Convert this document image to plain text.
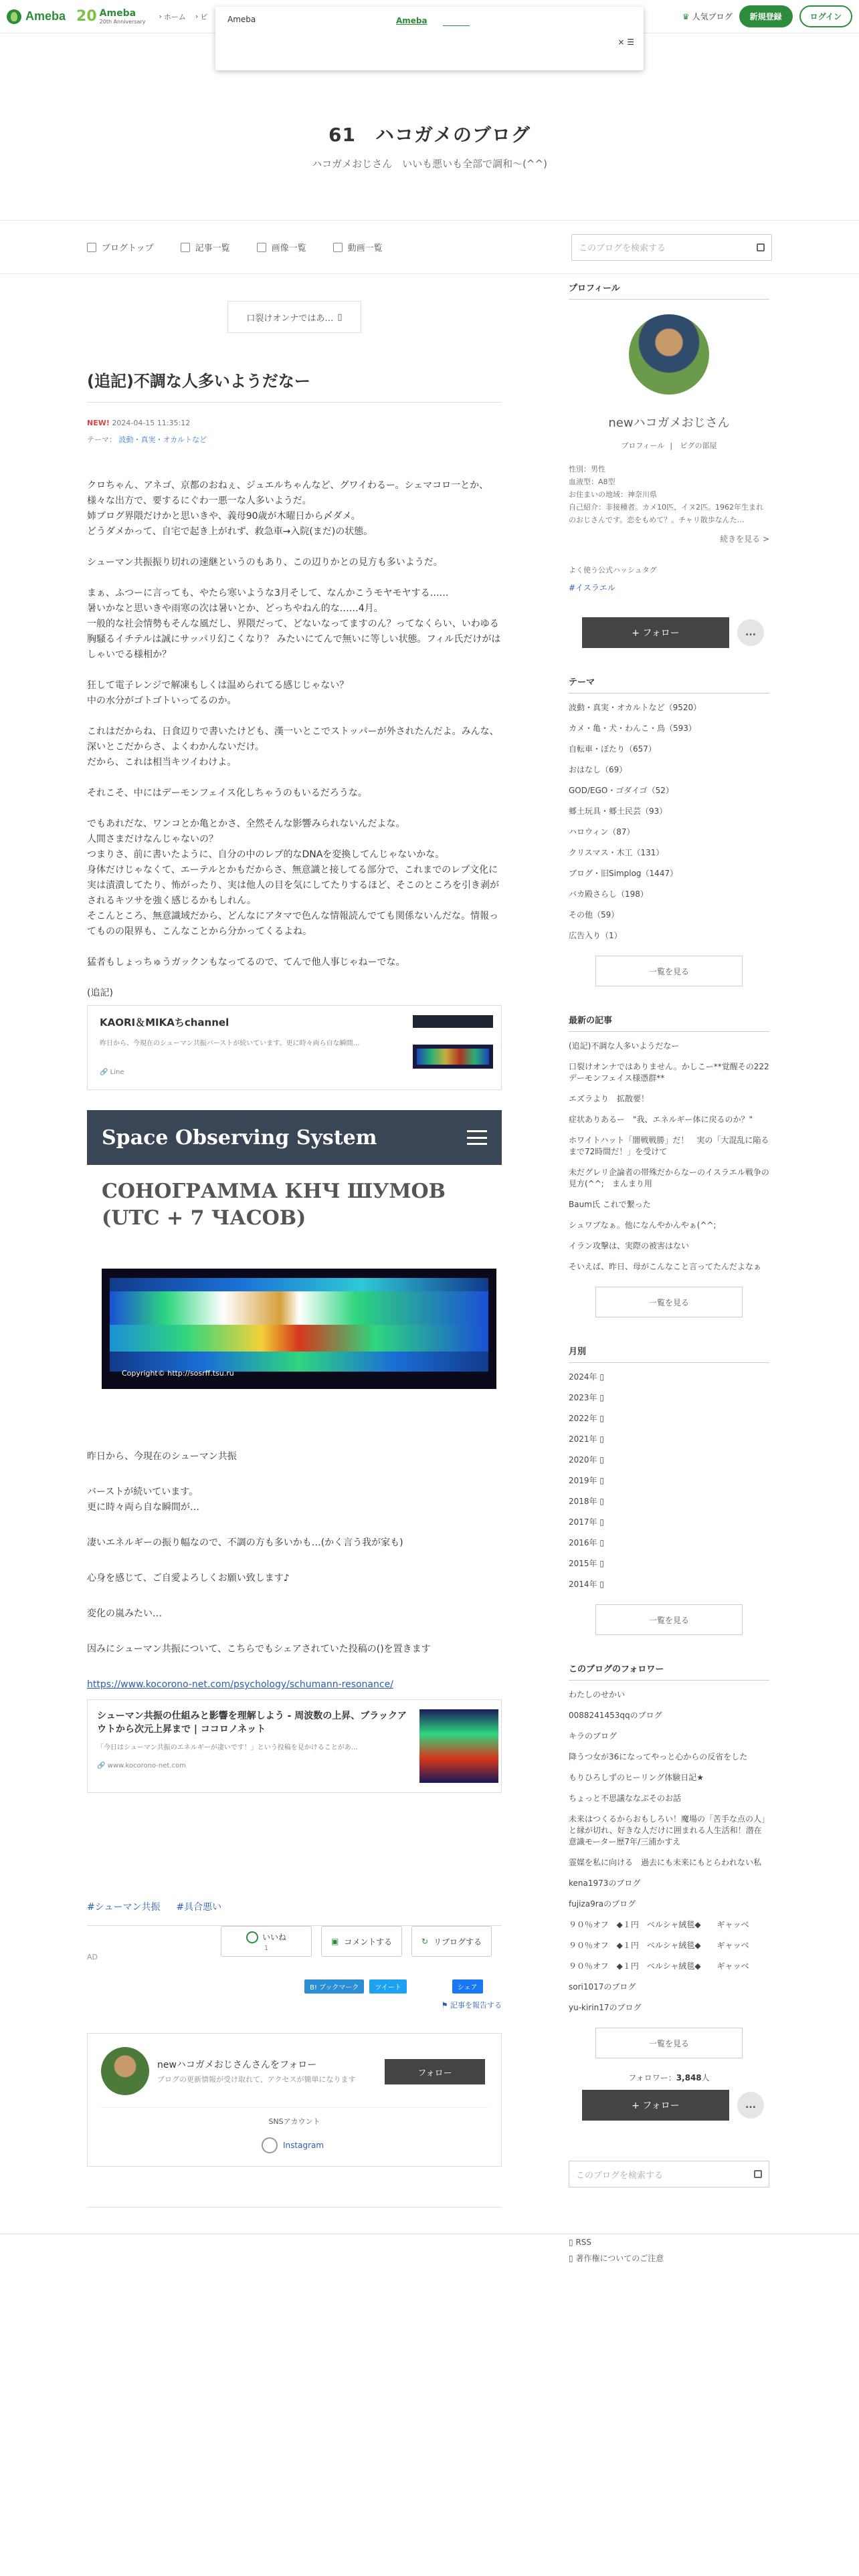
Ameba 20 Ameba
20th Anniversary
› ホーム › ピ	♛ 人気ブログ	新規登録	ログイン
Ameba	Ameba
× ☰
61　ハコガメのブログ
ハコガメおじさん　いいも悪いも全部で調和〜(^^)
ブログトップ	記事一覧	画像一覧	動画一覧	このブログを検索する
口裂けオンナではあ… ▯
(追記)不調な人多いようだなー
NEW! 2024-04-15 11:35:12
テーマ： 波動・真実・オカルトなど

クロちゃん、アネゴ、京都のおねぇ、ジュエルちゃんなど、グワイわるー。シェマコロ一とか、様々な出方で、要するにぐわ一悪一な人多いようだ。
姉ブログ界隈だけかと思いきや、義母90歳が木曜日から〆ダメ。
どうダメかって、自宅で起き上がれず、救急車→入院(まだ)の状態。

シューマン共振振り切れの速継というのもあり、この辺りかとの見方も多いようだ。

まぁ、ふつーに言っても、やたら寒いような3月そして、なんかこうモヤモヤする……
暑いかなと思いきや雨寒の次は暑いとか、どっちやねん的な……4月。
一般的な社会情勢もそんな風だし、界隈だって、どないなってますのん？ってなくらい、いわゆる胸騒るイチテルは誠にサッパリ幻こくなり？ みたいにてんで無いに等しい状態。フィル氏だけがはしゃいでる様相か？

狂して電子レンジで解凍もしくは温められてる感じじゃない？
中の水分がゴトゴトいってるのか。

これはだからね、日食辺りで書いたけども、漢一いとこでストッパーが外されたんだよ。みんな、深いとこだからさ、よくわかんないだけ。
だから、これは相当キツイわけよ。

それこそ、中にはデーモンフェイス化しちゃうのもいるだろうな。

でもあれだな、ワンコとか亀とかさ、全然そんな影響みられないんだよな。
人間さまだけなんじゃないの？
つまりさ、前に書いたように、自分の中のレプ的なDNAを変換してんじゃないかな。
身体だけじゃなくて、エーテルとかもだからさ、無意識と接してる部分で、これまでのレプ文化に実は漬潰してたり、怖がったり、実は他人の目を気にしてたりするほど、そこのところを引き剥がされるキツサを強く感じるかもしれん。
そこんところ、無意識域だから、どんなにアタマで色んな情報読んでても関係ないんだな。情報ってものの限界も、こんなことから分かってくるよね。

猛者もしょっちゅうガックンもなってるので、てんで他人事じゃねーでな。

(追記)

KAORI＆MIKAちchannel
昨日から、今現在のシューマン共振バーストが続いています。更に時々両ら自な瞬間…
🔗 Line
Space Observing System
СОНОГРАММА КНЧ ШУМОВ (UTC + 7 ЧАСОВ)
Copyright© http://sosrff.tsu.ru

昨日から、今現在のシューマン共振

バーストが続いています。
更に時々両ら自な瞬間が…

凄いエネルギーの振り幅なので、不調の方も多いかも…(かく言う我が家も)

心身を感じて、ご自愛よろしくお願い致します♪

変化の嵐みたい…

因みにシューマン共振について、こちらでもシェアされていた投稿の()を置きます

https://www.kocorono-net.com/psychology/schumann-resonance/
シューマン共振の仕組みと影響を理解しよう - 周波数の上昇、ブラックアウトから次元上昇まで | ココロノネット
「今日はシューマン共振のエネルギーが凄いです！」という投稿を見かけることがあ…
🔗 www.kocorono-net.com
#シューマン共振 #具合悪い
AD
いいね
1
▣ コメントする	↻ リブログする
B! ブックマーク	ツイート	シェア
⚑ 記事を報告する
newハコガメおじさんさんをフォロー
ブログの更新情報が受け取れて、アクセスが簡単になります
フォロー
SNSアカウント
Instagram
プロフィール
newハコガメおじさん
プロフィール | ピグの部屋
性別：男性
血液型：A8型
お住まいの地域：神奈川県
自己紹介：非接種者。カメ10匹、イヌ2匹。1962年生まれのおじさんです。恋をもめて？。チャリ散歩なんた…
続きを見る >
よく使う公式ハッシュタグ
#イスラエル
+ フォロー	...
テーマ
波動・真実・オカルトなど（9520）
カメ・亀・犬・わんこ・鳥（593）
自転車・ぼたり（657）
おはなし（69）
GOD/EGO・ゴダイゴ（52）
郷土玩具・郷土民芸（93）
ハロウィン（87）
クリスマス・木工（131）
ブログ・旧Simplog（1447）
バカ殿さらし（198）
その他（59）
広告入り（1）
一覧を見る
最新の記事
(追記)不調な人多いようだなー
口裂けオンナではありません。かしこー**覚醒その222　デーモンフェイス様憑群**
エズラより　拡散要！
症状ありあるー　"我、エネルギー体に戻るのか？"
ホワイトハット「闇戦戦勝」だ！　実の「大混乱に陥るまで72時間だ！」を受けて
未だグレリ企論者の帯殊だからなーのイスラエル戦争の見方(^^;　まんまり用
Baum氏 これで繋った
シュワブなぁ。他になんやかんやぁ(^^;
イラン攻撃は、実際の被害はない
そいえば、昨日、母がこんなこと言ってたんだよなぁ
一覧を見る
月別
2024年 ▯
2023年 ▯
2022年 ▯
2021年 ▯
2020年 ▯
2019年 ▯
2018年 ▯
2017年 ▯
2016年 ▯
2015年 ▯
2014年 ▯
一覧を見る
このブログのフォロワー
わたしのせかい
0088241453qqのブログ
キラのブログ
降うつ女が36になってやっと心からの反省をした
もりひろしずのヒーリング体験日記★
ちょっと不思議ななぷそのお話
未来はつくるからおもしろい！魔場の「苦手な点の人」と縁が切れ、好きな人だけに囲まれる人生活和！潜在意識モーター歴7年/三浦かすえ
霊媒を私に向ける　過去にも未来にもとらわれない私
kena1973のブログ
fujiza9raのブログ
９０％オフ　◆１円　ベルシャ絨毯◆　　ギャッベ
９０％オフ　◆１円　ベルシャ絨毯◆　　ギャッベ
９０％オフ　◆１円　ベルシャ絨毯◆　　ギャッベ
sori1017のブログ
yu-kirin17のブログ
一覧を見る
フォロワー：3,848人
+ フォロー	...
このブログを検索する
▯ RSS
▯ 著作権についてのご注意
